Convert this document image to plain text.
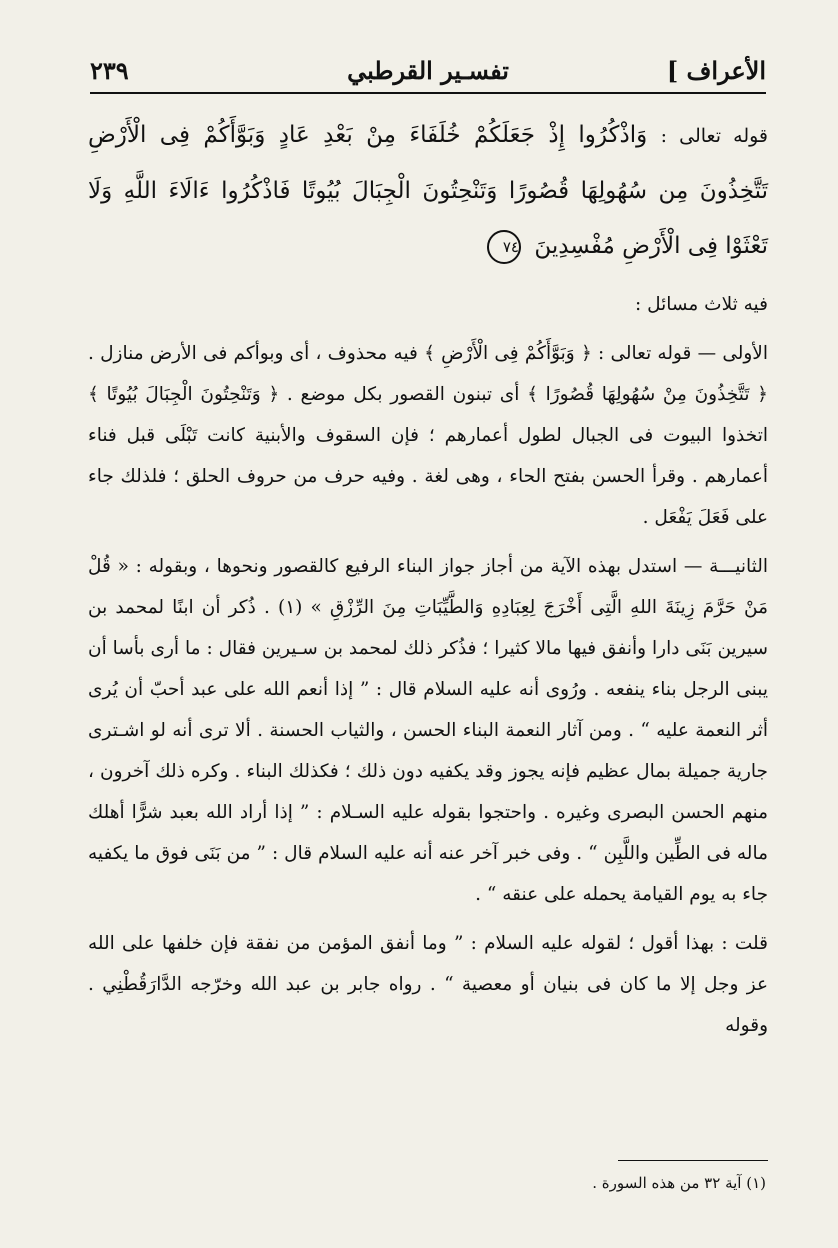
الأعراف ]
تفسـير القرطبي
٢٣٩

قوله تعالى : وَاذْكُرُوا إِذْ جَعَلَكُمْ خُلَفَاءَ مِنْ بَعْدِ عَادٍ وَبَوَّأَكُمْ فِى الْأَرْضِ تَتَّخِذُونَ مِن سُهُولِهَا قُصُورًا وَتَنْحِتُونَ الْجِبَالَ بُيُوتًا فَاذْكُرُوا ءَالَاءَ اللَّهِ وَلَا تَعْثَوْا فِى الْأَرْضِ مُفْسِدِينَ ٧٤

فيه ثلاث مسائل :

الأولى — قوله تعالى : ﴿ وَبَوَّأَكُمْ فِى الْأَرْضِ ﴾ فيه محذوف ، أى وبوأكم فى الأرض منازل . ﴿ تَتَّخِذُونَ مِنْ سُهُولِهَا قُصُورًا ﴾ أى تبنون القصور بكل موضع . ﴿ وَتَنْحِتُونَ الْجِبَالَ بُيُوتًا ﴾ اتخذوا البيوت فى الجبال لطول أعمارهم ؛ فإن السقوف والأبنية كانت تَبْلَى قبل فناء أعمارهم . وقرأ الحسن بفتح الحاء ، وهى لغة . وفيه حرف من حروف الحلق ؛ فلذلك جاء على فَعَلَ يَفْعَل .

الثانيـــة — استدل بهذه الآية من أجاز جواز البناء الرفيع كالقصور ونحوها ، وبقوله : « قُلْ مَنْ حَرَّمَ زِينَةَ اللهِ الَّتِى أَخْرَجَ لِعِبَادِهِ وَالطَّيِّبَاتِ مِنَ الرِّزْقِ » (١) . ذُكر أن ابنًا لمحمد بن سيرين بَنَى دارا وأنفق فيها مالا كثيرا ؛ فذُكر ذلك لمحمد بن سـيرين فقال : ما أرى بأسا أن يبنى الرجل بناء ينفعه . ورُوى أنه عليه السلام قال : ” إذا أنعم الله على عبد أحبّ أن يُرى أثر النعمة عليه “ . ومن آثار النعمة البناء الحسن ، والثياب الحسنة . ألا ترى أنه لو اشـترى جارية جميلة بمال عظيم فإنه يجوز وقد يكفيه دون ذلك ؛ فكذلك البناء . وكره ذلك آخرون ، منهم الحسن البصرى وغيره . واحتجوا بقوله عليه السـلام : ” إذا أراد الله بعبد شرًّا أهلك ماله فى الطِّين واللَّبِن “ . وفى خبر آخر عنه أنه عليه السلام قال : ” من بَنَى فوق ما يكفيه جاء به يوم القيامة يحمله على عنقه “ .

قلت : بهذا أقول ؛ لقوله عليه السلام : ” وما أنفق المؤمن من نفقة فإن خلفها على الله عز وجل إلا ما كان فى بنيان أو معصية “ . رواه جابر بن عبد الله وخرّجه الدَّارَقُطْنِي . وقوله

(١) آية ٣٢ من هذه السورة .
